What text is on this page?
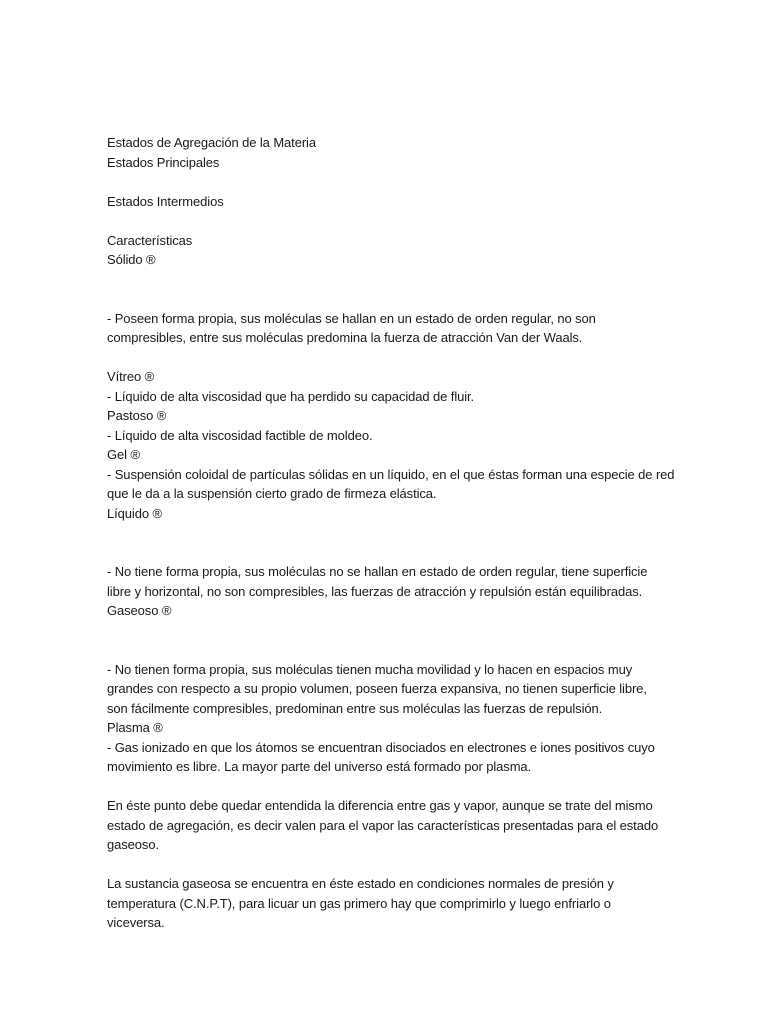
Estados de Agregación de la Materia
Estados Principales
Estados Intermedios
Características
Sólido ®
- Poseen forma propia, sus moléculas se hallan en un estado de orden regular, no son
compresibles, entre sus moléculas predomina la fuerza de atracción Van der Waals.
Vítreo ®
- Líquido de alta viscosidad que ha perdido su capacidad de fluir.
Pastoso ®
- Líquido de alta viscosidad factible de moldeo.
Gel ®
- Suspensión coloidal de partículas sólidas en un líquido, en el que éstas forman una especie de red
que le da a la suspensión cierto grado de firmeza elástica.
Líquido ®
- No tiene forma propia, sus moléculas no se hallan en estado de orden regular, tiene superficie
libre y horizontal, no son compresibles, las fuerzas de atracción y repulsión están equilibradas.
Gaseoso ®
- No tienen forma propia, sus moléculas tienen mucha movilidad y lo hacen en espacios muy
grandes con respecto a su propio volumen, poseen fuerza expansiva, no tienen superficie libre,
son fácilmente compresibles, predominan entre sus moléculas las fuerzas de repulsión.
Plasma ®
- Gas ionizado en que los átomos se encuentran disociados en electrones e iones positivos cuyo
movimiento es libre. La mayor parte del universo está formado por plasma.
En éste punto debe quedar entendida la diferencia entre gas y vapor, aunque se trate del mismo
estado de agregación, es decir valen para el vapor las características presentadas para el estado
gaseoso.
La sustancia gaseosa se encuentra en éste estado en condiciones normales de presión y
temperatura (C.N.P.T), para licuar un gas primero hay que comprimirlo y luego enfriarlo o
viceversa.
